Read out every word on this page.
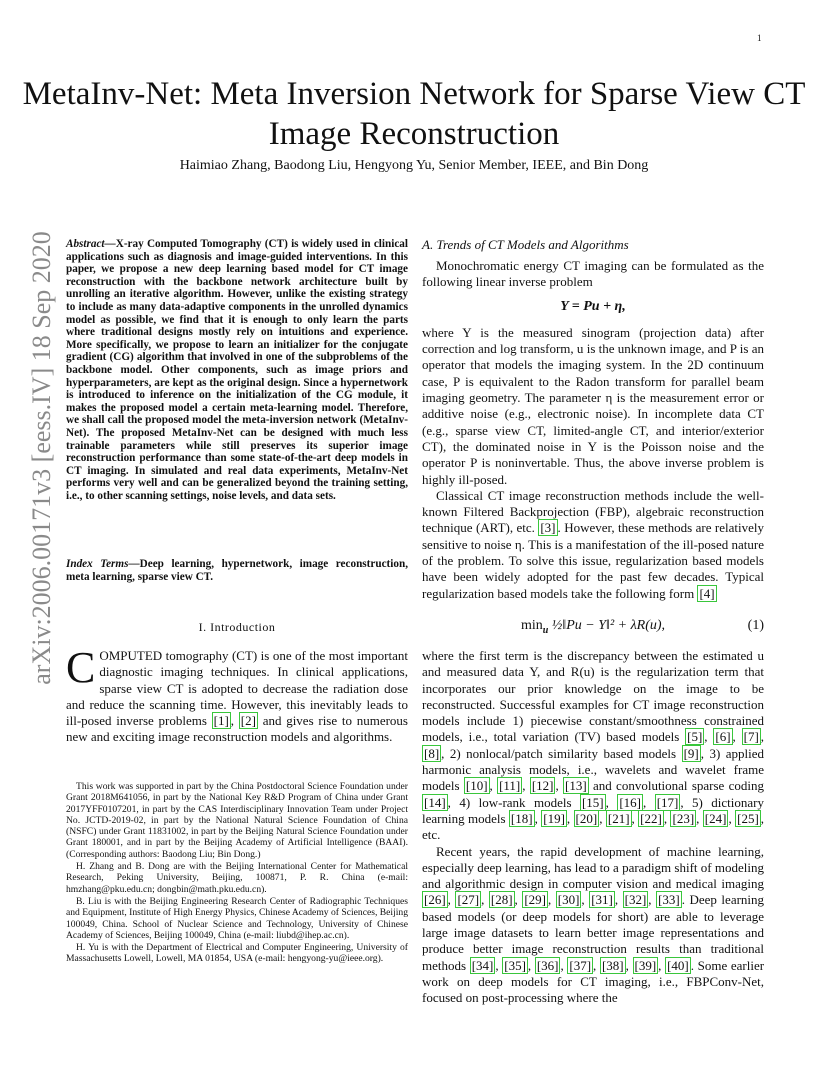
1
MetaInv-Net: Meta Inversion Network for Sparse View CT Image Reconstruction
Haimiao Zhang, Baodong Liu, Hengyong Yu, Senior Member, IEEE, and Bin Dong
arXiv:2006.00171v3 [eess.IV] 18 Sep 2020 Abstract—X-ray Computed Tomography (CT) is widely used in clinical applications such as diagnosis and image-guided interventions. In this paper, we propose a new deep learning based model for CT image reconstruction with the backbone network architecture built by unrolling an iterative algorithm. However, unlike the existing strategy to include as many data-adaptive components in the unrolled dynamics model as possible, we find that it is enough to only learn the parts where traditional designs mostly rely on intuitions and experience. More specifically, we propose to learn an initializer for the conjugate gradient (CG) algorithm that involved in one of the subproblems of the backbone model. Other components, such as image priors and hyperparameters, are kept as the original design. Since a hypernetwork is introduced to inference on the initialization of the CG module, it makes the proposed model a certain meta-learning model. Therefore, we shall call the proposed model the meta-inversion network (MetaInv-Net). The proposed MetaInv-Net can be designed with much less trainable parameters while still preserves its superior image reconstruction performance than some state-of-the-art deep models in CT imaging. In simulated and real data experiments, MetaInv-Net performs very well and can be generalized beyond the training setting, i.e., to other scanning settings, noise levels, and data sets.
Index Terms—Deep learning, hypernetwork, image reconstruction, meta learning, sparse view CT.
I. Introduction
COMPUTED tomography (CT) is one of the most important diagnostic imaging techniques. In clinical applications, sparse view CT is adopted to decrease the radiation dose and reduce the scanning time. However, this inevitably leads to ill-posed inverse problems [1] , [2] and gives rise to numerous new and exciting image reconstruction models and algorithms.

This work was supported in part by the China Postdoctoral Science Foundation under Grant 2018M641056, in part by the National Key R&D Program of China under Grant 2017YFF0107201, in part by the CAS Interdisciplinary Innovation Team under Project No. JCTD-2019-02, in part by the National Natural Science Foundation of China (NSFC) under Grant 11831002, in part by the Beijing Natural Science Foundation under Grant 180001, and in part by the Beijing Academy of Artificial Intelligence (BAAI). (Corresponding authors: Baodong Liu; Bin Dong.)

H. Zhang and B. Dong are with the Beijing International Center for Mathematical Research, Peking University, Beijing, 100871, P. R. China (e-mail: hmzhang@pku.edu.cn; dongbin@math.pku.edu.cn).

B. Liu is with the Beijing Engineering Research Center of Radiographic Techniques and Equipment, Institute of High Energy Physics, Chinese Academy of Sciences, Beijing 100049, China. School of Nuclear Science and Technology, University of Chinese Academy of Sciences, Beijing 100049, China (e-mail: liubd@ihep.ac.cn).

H. Yu is with the Department of Electrical and Computer Engineering, University of Massachusetts Lowell, Lowell, MA 01854, USA (e-mail: hengyong-yu@ieee.org).

A. Trends of CT Models and Algorithms

Monochromatic energy CT imaging can be formulated as the following linear inverse problem

Y = Pu + η,

where Y is the measured sinogram (projection data) after correction and log transform, u is the unknown image, and P is an operator that models the imaging system. In the 2D continuum case, P is equivalent to the Radon transform for parallel beam imaging geometry. The parameter η is the measurement error or additive noise (e.g., electronic noise). In incomplete data CT (e.g., sparse view CT, limited-angle CT, and interior/exterior CT), the dominated noise in Y is the Poisson noise and the operator P is noninvertable. Thus, the above inverse problem is highly ill-posed.

Classical CT image reconstruction methods include the well-known Filtered Backprojection (FBP), algebraic reconstruction technique (ART), etc. [3] . However, these methods are relatively sensitive to noise η. This is a manifestation of the ill-posed nature of the problem. To solve this issue, regularization based models have been widely adopted for the past few decades. Typical regularization based models take the following form [4]

$\min_u$ ½‖Pu − Y‖² + λR(u),	(1)

where the first term is the discrepancy between the estimated u and measured data Y, and R(u) is the regularization term that incorporates our prior knowledge on the image to be reconstructed. Successful examples for CT image reconstruction models include 1) piecewise constant/smoothness constrained models, i.e., total variation (TV) based models [5] , [6] , [7] , [8] , 2) nonlocal/patch similarity based models [9] , 3) applied harmonic analysis models, i.e., wavelets and wavelet frame models [10] , [11] , [12] , [13] and convolutional sparse coding [14] , 4) low-rank models [15] , [16] , [17] , 5) dictionary learning models [18] , [19] , [20] , [21] , [22] , [23] , [24] , [25] , etc.

Recent years, the rapid development of machine learning, especially deep learning, has lead to a paradigm shift of modeling and algorithmic design in computer vision and medical imaging [26] , [27] , [28] , [29] , [30] , [31] , [32] , [33] . Deep learning based models (or deep models for short) are able to leverage large image datasets to learn better image representations and produce better image reconstruction results than traditional methods [34] , [35] , [36] , [37] , [38] , [39] , [40] . Some earlier work on deep models for CT imaging, i.e., FBPConv-Net, focused on post-processing where the
